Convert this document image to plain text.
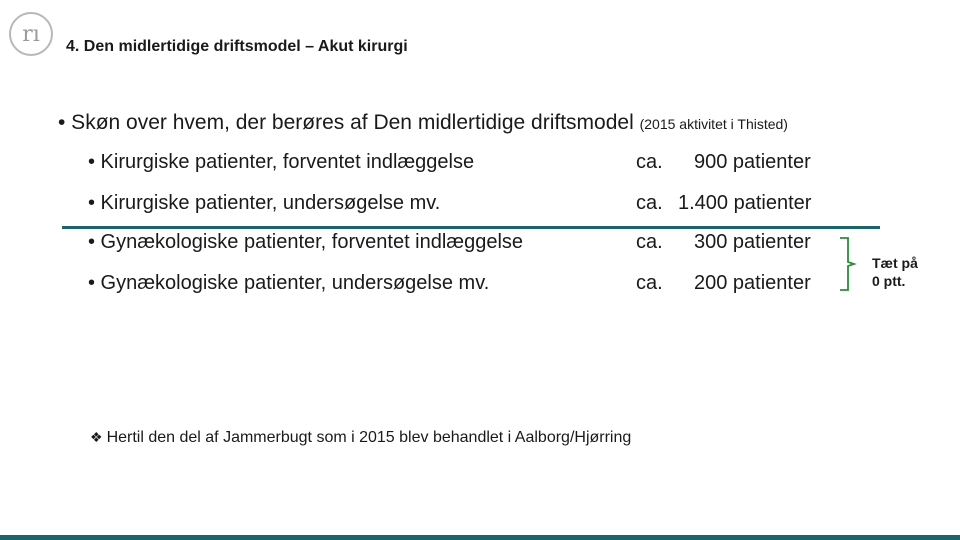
rı 4. Den midlertidige driftsmodel – Akut kirurgi
• Skøn over hvem, der berøres af Den midlertidige driftsmodel (2015 aktivitet i Thisted)
• Kirurgiske patienter, forventet indlæggelse	ca. 900 patienter
• Kirurgiske patienter, undersøgelse mv.	ca. 1.400 patienter
• Gynækologiske patienter, forventet indlæggelse	ca. 300 patienter
• Gynækologiske patienter, undersøgelse mv.	ca. 200 patienter
Tæt på
0 ptt.
❖ Hertil den del af Jammerbugt som i 2015 blev behandlet i Aalborg/Hjørring
